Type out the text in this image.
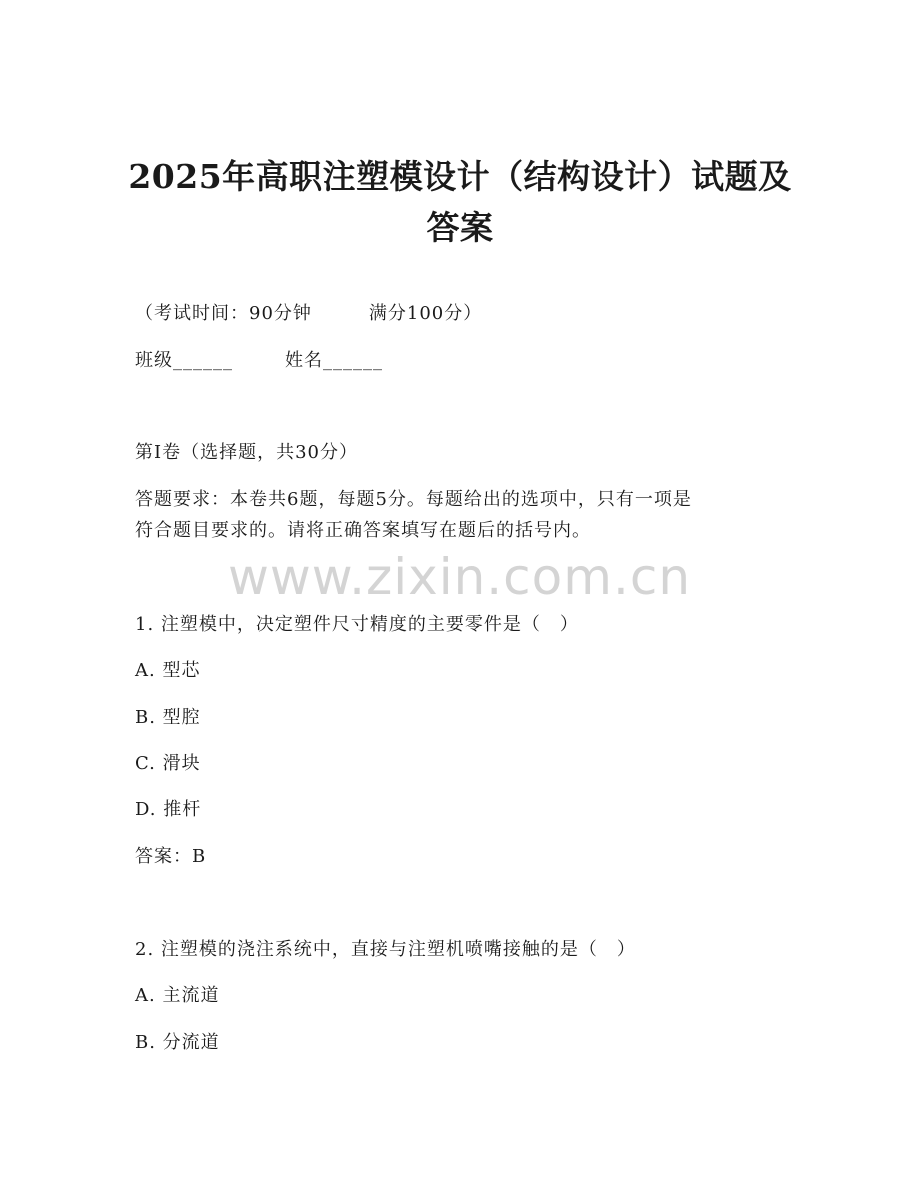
2025年高职注塑模设计（结构设计）试题及
答案
（考试时间：90分钟　　　满分100分）
班级______	姓名______
第I卷（选择题，共30分）
答题要求：本卷共6题，每题5分。每题给出的选项中，只有一项是
符合题目要求的。请将正确答案填写在题后的括号内。
www.zixin.com.cn
1. 注塑模中，决定塑件尺寸精度的主要零件是（　）
A. 型芯
B. 型腔
C. 滑块
D. 推杆
答案：B
2. 注塑模的浇注系统中，直接与注塑机喷嘴接触的是（　）
A. 主流道
B. 分流道
